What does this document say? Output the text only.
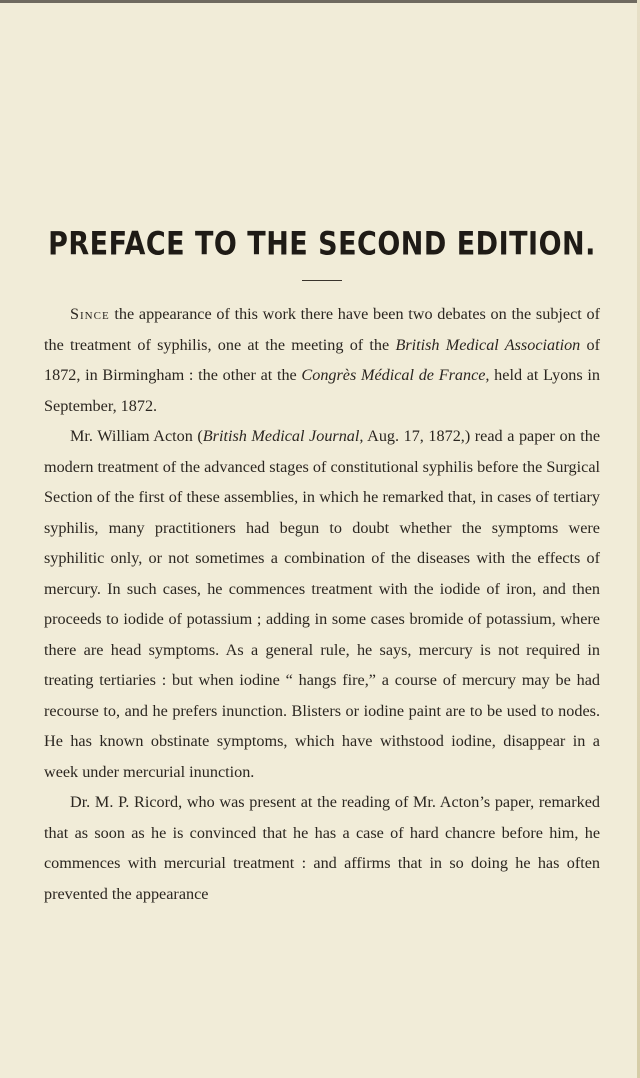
PREFACE TO THE SECOND EDITION.

Since the appearance of this work there have been two debates on the subject of the treatment of syphilis, one at the meeting of the British Medical Association of 1872, in Birmingham : the other at the Congrès Médical de France, held at Lyons in September, 1872.

Mr. William Acton (British Medical Journal, Aug. 17, 1872,) read a paper on the modern treatment of the advanced stages of constitutional syphilis before the Surgical Section of the first of these assemblies, in which he remarked that, in cases of tertiary syphilis, many practitioners had begun to doubt whether the symptoms were syphilitic only, or not sometimes a combination of the diseases with the effects of mercury. In such cases, he commences treatment with the iodide of iron, and then proceeds to iodide of potassium ; adding in some cases bromide of potassium, where there are head symptoms. As a general rule, he says, mercury is not required in treating tertiaries : but when iodine “ hangs fire,” a course of mercury may be had recourse to, and he prefers inunction. Blisters or iodine paint are to be used to nodes. He has known obstinate symptoms, which have withstood iodine, disappear in a week under mercurial inunction.

Dr. M. P. Ricord, who was present at the reading of Mr. Acton’s paper, remarked that as soon as he is convinced that he has a case of hard chancre before him, he commences with mercurial treatment : and affirms that in so doing he has often prevented the appearance
